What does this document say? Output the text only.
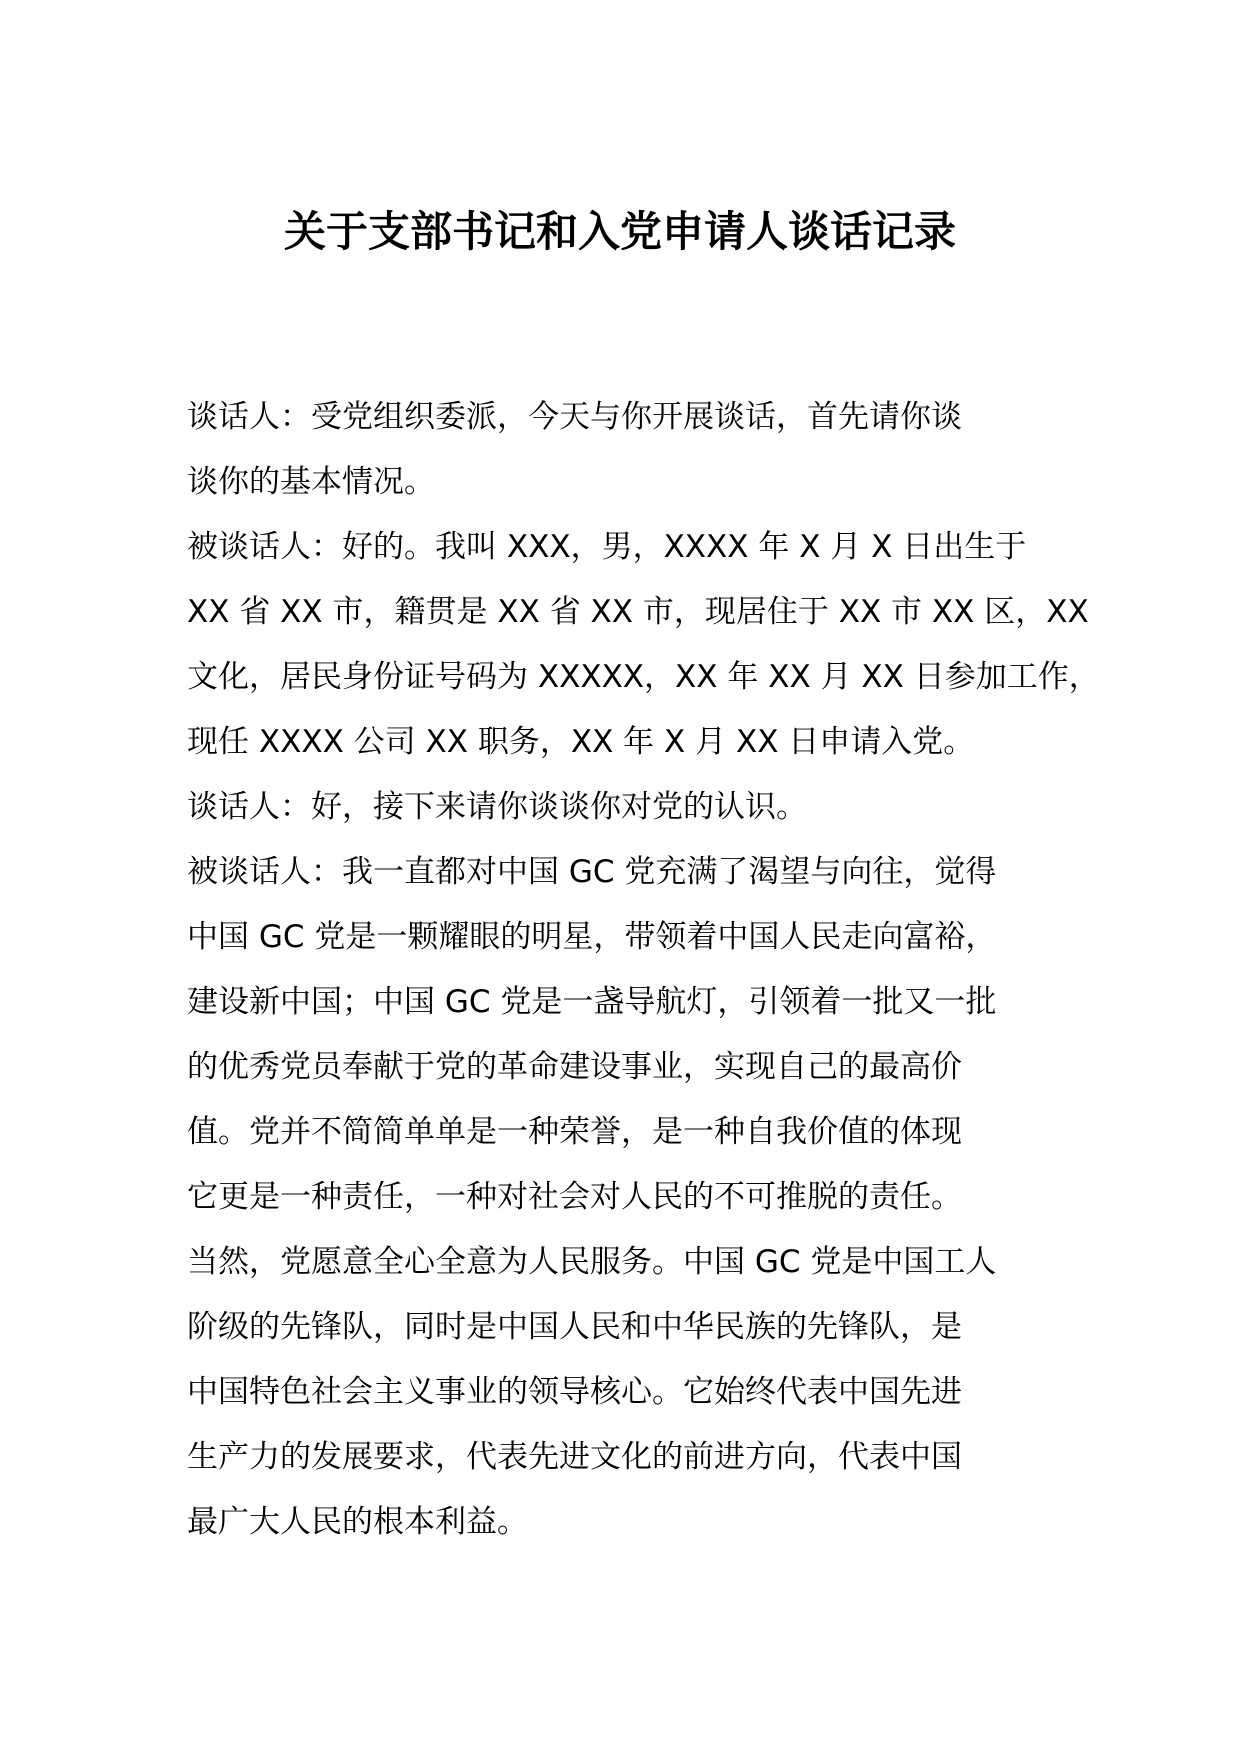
关于支部书记和入党申请人谈话记录
谈话人：受党组织委派，今天与你开展谈话，首先请你谈
谈你的基本情况。
被谈话人：好的。我叫 XXX，男，XXXX 年 X 月 X 日出生于
XX 省 XX 市，籍贯是 XX 省 XX 市，现居住于 XX 市 XX 区，XX
文化，居民身份证号码为 XXXXX，XX 年 XX 月 XX 日参加工作，
现任 XXXX 公司 XX 职务，XX 年 X 月 XX 日申请入党。
谈话人：好，接下来请你谈谈你对党的认识。
被谈话人：我一直都对中国 GC 党充满了渴望与向往，觉得
中国 GC 党是一颗耀眼的明星，带领着中国人民走向富裕，
建设新中国；中国 GC 党是一盏导航灯，引领着一批又一批
的优秀党员奉献于党的革命建设事业，实现自己的最高价
值。党并不简简单单是一种荣誉，是一种自我价值的体现
它更是一种责任，一种对社会对人民的不可推脱的责任。
当然，党愿意全心全意为人民服务。中国 GC 党是中国工人
阶级的先锋队，同时是中国人民和中华民族的先锋队，是
中国特色社会主义事业的领导核心。它始终代表中国先进
生产力的发展要求，代表先进文化的前进方向，代表中国
最广大人民的根本利益。
